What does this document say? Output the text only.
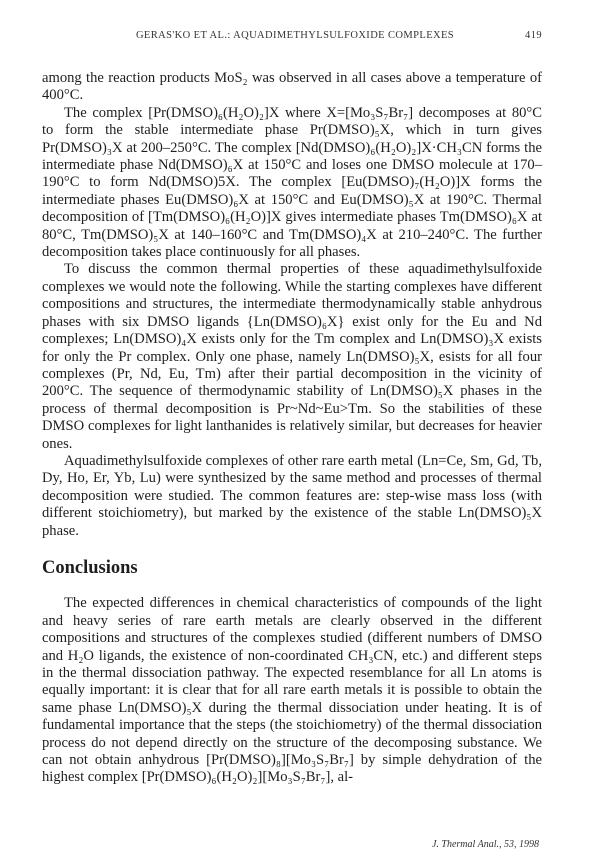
GERAS'KO ET AL.: AQUADIMETHYLSULFOXIDE COMPLEXES	419

among the reaction products MoS₂ was observed in all cases above a temperature of 400°C.

The complex [Pr(DMSO)₆(H₂O)₂]X where X=[Mo₃S₇Br₇] decomposes at 80°C to form the stable intermediate phase Pr(DMSO)₅X, which in turn gives Pr(DMSO)₃X at 200–250°C. The complex [Nd(DMSO)₆(H₂O)₂]X·CH₃CN forms the intermediate phase Nd(DMSO)₆X at 150°C and loses one DMSO molecule at 170–190°C to form Nd(DMSO)5X. The complex [Eu(DMSO)₇(H₂O)]X forms the intermediate phases Eu(DMSO)₆X at 150°C and Eu(DMSO)₅X at 190°C. Thermal decomposition of [Tm(DMSO)₆(H₂O)]X gives intermediate phases Tm(DMSO)₆X at 80°C, Tm(DMSO)₅X at 140–160°C and Tm(DMSO)₄X at 210–240°C. The further decomposition takes place continuously for all phases.

To discuss the common thermal properties of these aquadimethylsulfoxide complexes we would note the following. While the starting complexes have different compositions and structures, the intermediate thermodynamically stable anhydrous phases with six DMSO ligands {Ln(DMSO)₆X} exist only for the Eu and Nd complexes; Ln(DMSO)₄X exists only for the Tm complex and Ln(DMSO)₃X exists for only the Pr complex. Only one phase, namely Ln(DMSO)₅X, esists for all four complexes (Pr, Nd, Eu, Tm) after their partial decomposition in the vicinity of 200°C. The sequence of thermodynamic stability of Ln(DMSO)₅X phases in the process of thermal decomposition is Pr~Nd~Eu>Tm. So the stabilities of these DMSO complexes for light lanthanides is relatively similar, but decreases for heavier ones.

Aquadimethylsulfoxide complexes of other rare earth metal (Ln=Ce, Sm, Gd, Tb, Dy, Ho, Er, Yb, Lu) were synthesized by the same method and processes of thermal decomposition were studied. The common features are: step-wise mass loss (with different stoichiometry), but marked by the existence of the stable Ln(DMSO)₅X phase.

Conclusions

The expected differences in chemical characteristics of compounds of the light and heavy series of rare earth metals are clearly observed in the different compositions and structures of the complexes studied (different numbers of DMSO and H₂O ligands, the existence of non-coordinated CH₃CN, etc.) and different steps in the thermal dissociation pathway. The expected resemblance for all Ln atoms is equally important: it is clear that for all rare earth metals it is possible to obtain the same phase Ln(DMSO)₅X during the thermal dissociation under heating. It is of fundamental importance that the steps (the stoichiometry) of the thermal dissociation process do not depend directly on the structure of the decomposing substance. We can not obtain anhydrous [Pr(DMSO)₈][Mo₃S₇Br₇] by simple dehydration of the highest complex [Pr(DMSO)₆(H₂O)₂][Mo₃S₇Br₇], al-

J. Thermal Anal., 53, 1998
